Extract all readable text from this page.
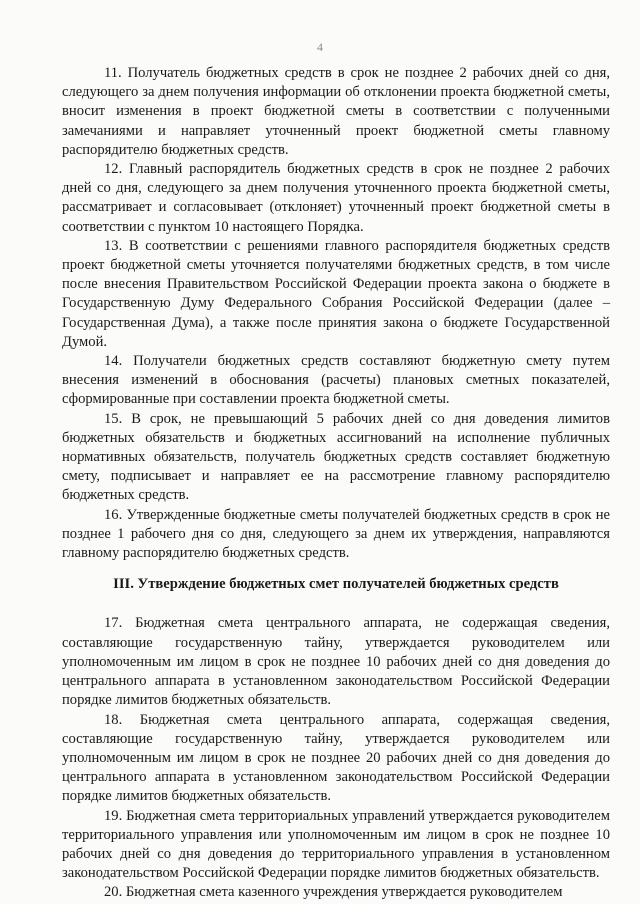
4

11. Получатель бюджетных средств в срок не позднее 2 рабочих дней со дня, следующего за днем получения информации об отклонении проекта бюджетной сметы, вносит изменения в проект бюджетной сметы в соответствии с полученными замечаниями и направляет уточненный проект бюджетной сметы главному распорядителю бюджетных средств.

12. Главный распорядитель бюджетных средств в срок не позднее 2 рабочих дней со дня, следующего за днем получения уточненного проекта бюджетной сметы, рассматривает и согласовывает (отклоняет) уточненный проект бюджетной сметы в соответствии с пунктом 10 настоящего Порядка.

13. В соответствии с решениями главного распорядителя бюджетных средств проект бюджетной сметы уточняется получателями бюджетных средств, в том числе после внесения Правительством Российской Федерации проекта закона о бюджете в Государственную Думу Федерального Собрания Российской Федерации (далее – Государственная Дума), а также после принятия закона о бюджете Государственной Думой.

14. Получатели бюджетных средств составляют бюджетную смету путем внесения изменений в обоснования (расчеты) плановых сметных показателей, сформированные при составлении проекта бюджетной сметы.

15. В срок, не превышающий 5 рабочих дней со дня доведения лимитов бюджетных обязательств и бюджетных ассигнований на исполнение публичных нормативных обязательств, получатель бюджетных средств составляет бюджетную смету, подписывает и направляет ее на рассмотрение главному распорядителю бюджетных средств.

16. Утвержденные бюджетные сметы получателей бюджетных средств в срок не позднее 1 рабочего дня со дня, следующего за днем их утверждения, направляются главному распорядителю бюджетных средств.

III. Утверждение бюджетных смет получателей бюджетных средств

17. Бюджетная смета центрального аппарата, не содержащая сведения, составляющие государственную тайну, утверждается руководителем или уполномоченным им лицом в срок не позднее 10 рабочих дней со дня доведения до центрального аппарата в установленном законодательством Российской Федерации порядке лимитов бюджетных обязательств.

18. Бюджетная смета центрального аппарата, содержащая сведения, составляющие государственную тайну, утверждается руководителем или уполномоченным им лицом в срок не позднее 20 рабочих дней со дня доведения до центрального аппарата в установленном законодательством Российской Федерации порядке лимитов бюджетных обязательств.

19. Бюджетная смета территориальных управлений утверждается руководителем территориального управления или уполномоченным им лицом в срок не позднее 10 рабочих дней со дня доведения до территориального управления в установленном законодательством Российской Федерации порядке лимитов бюджетных обязательств.

20. Бюджетная смета казенного учреждения утверждается руководителем
